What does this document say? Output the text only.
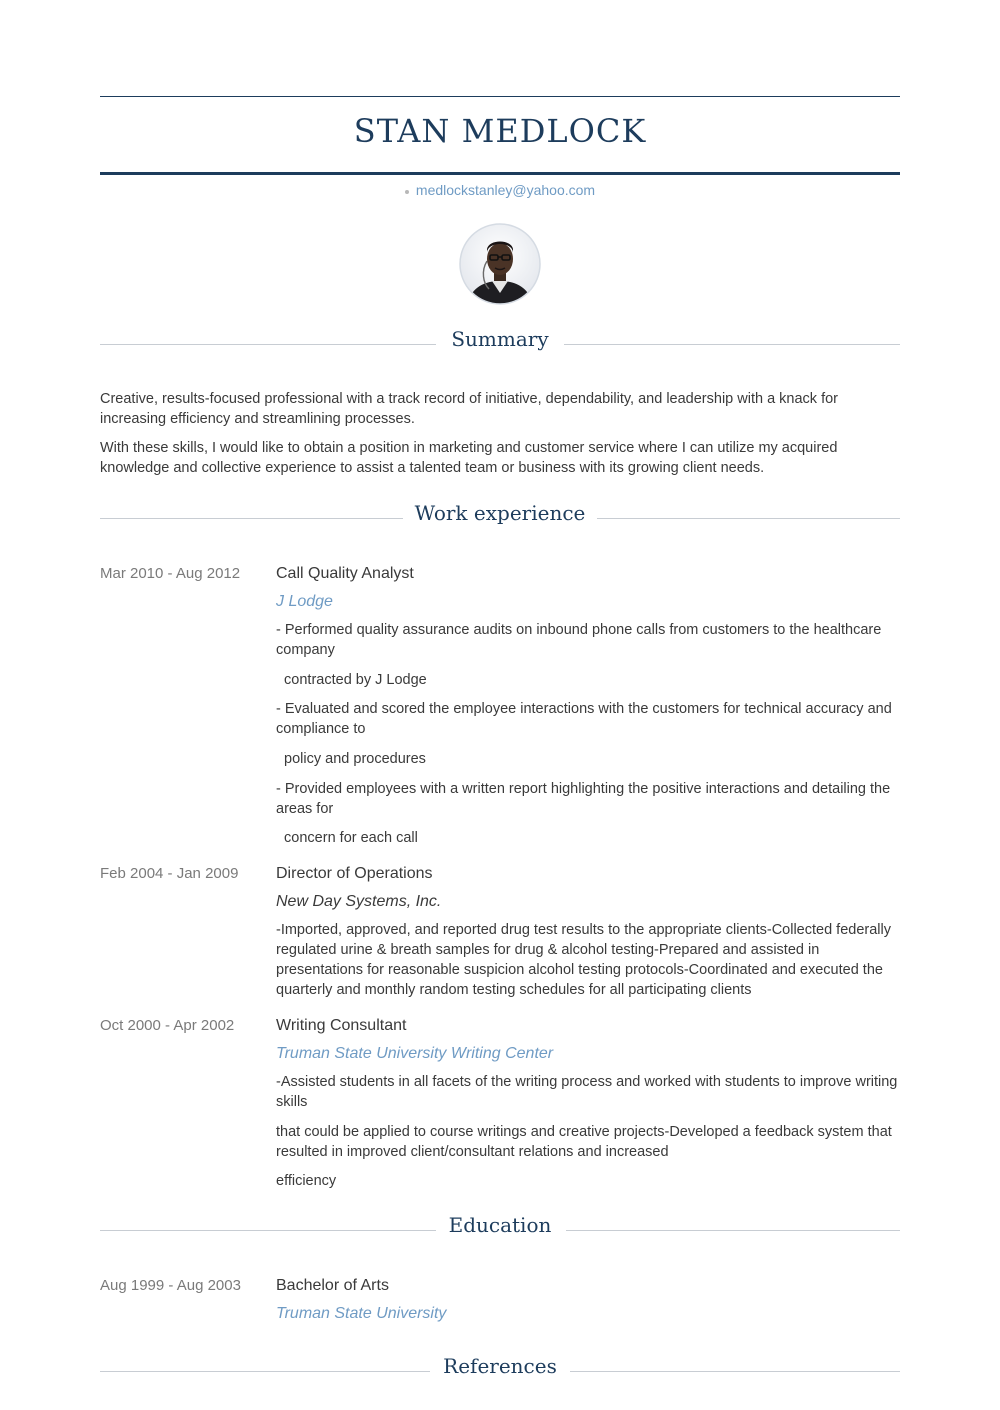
STAN MEDLOCK
medlockstanley@yahoo.com
Summary

Creative, results-focused professional with a track record of initiative, dependability, and leadership with a knack for increasing efficiency and streamlining processes.

With these skills, I would like to obtain a position in marketing and customer service where I can utilize my acquired knowledge and collective experience to assist a talented team or business with its growing client needs.

Work experience
Mar 2010 - Aug 2012	Call Quality Analyst
J Lodge

- Performed quality assurance audits on inbound phone calls from customers to the healthcare company

contracted by J Lodge

- Evaluated and scored the employee interactions with the customers for technical accuracy and compliance to

policy and procedures

- Provided employees with a written report highlighting the positive interactions and detailing the areas for

concern for each call

Feb 2004 - Jan 2009	Director of Operations
New Day Systems, Inc.

-Imported, approved, and reported drug test results to the appropriate clients-Collected federally regulated urine & breath samples for drug & alcohol testing-Prepared and assisted in presentations for reasonable suspicion alcohol testing protocols-Coordinated and executed the quarterly and monthly random testing schedules for all participating clients

Oct 2000 - Apr 2002	Writing Consultant
Truman State University Writing Center

-Assisted students in all facets of the writing process and worked with students to improve writing skills

that could be applied to course writings and creative projects-Developed a feedback system that resulted in improved client/consultant relations and increased

efficiency

Education
Aug 1999 - Aug 2003	Bachelor of Arts
Truman State University
References
